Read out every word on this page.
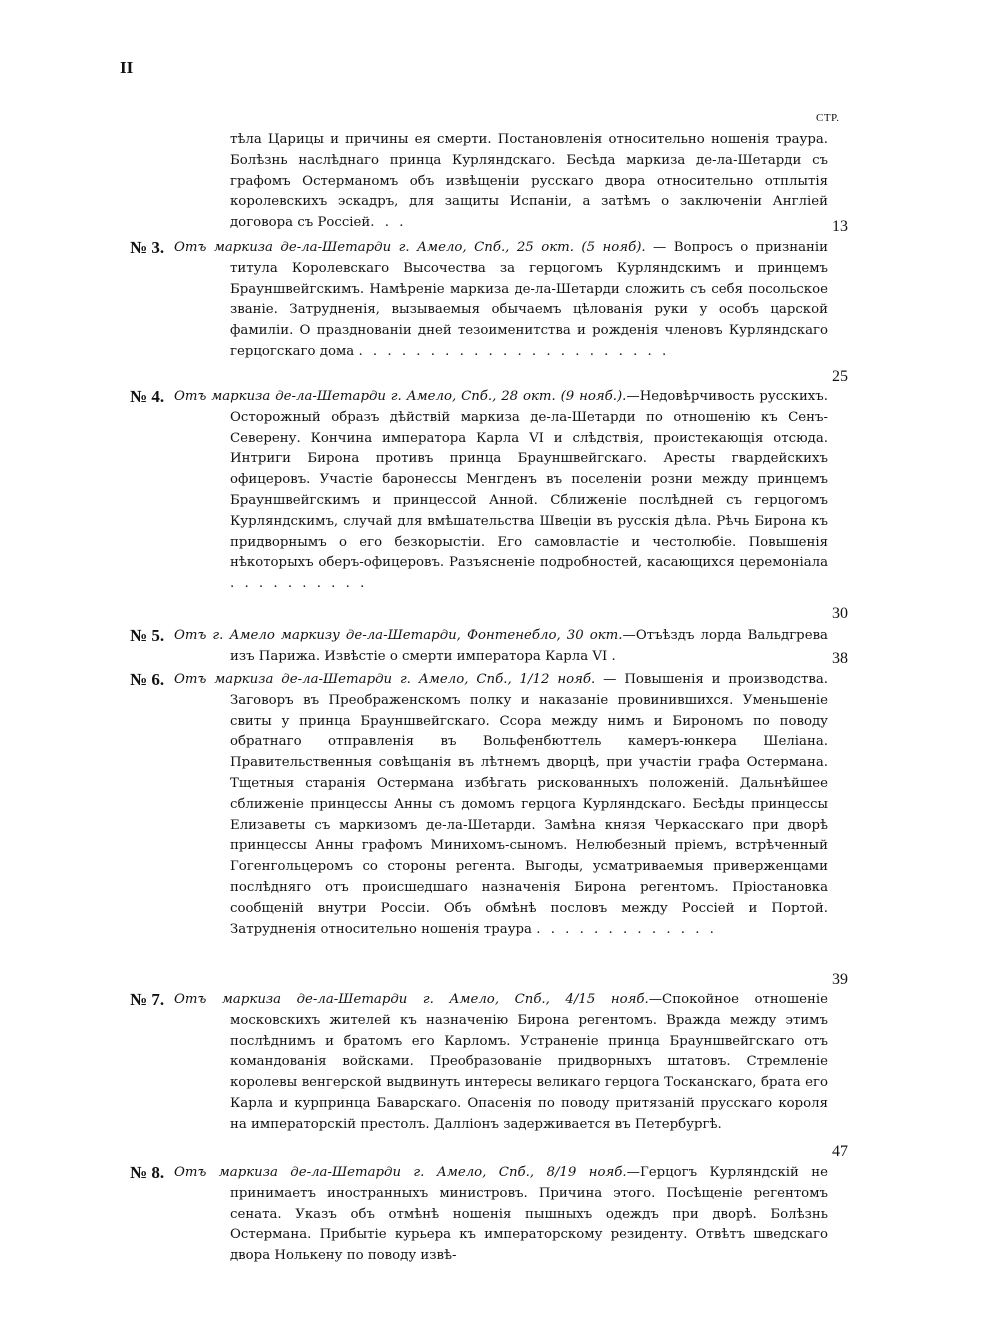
II
СТР.
тѣла Царицы и причины ея смерти. Постановленія относительно ношенія траура. Болѣзнь наслѣднаго принца Курляндскаго. Бесѣда маркиза де-ла-Шетарди съ графомъ Остерманомъ объ извѣщеніи русскаго двора относительно отплытія королевскихъ эскадръ, для защиты Испаніи, а затѣмъ о заключеніи Англіей договора съ Россіей. . .	13
№ 3. Отъ маркиза де-ла-Шетарди г. Амело, Спб., 25 окт. (5 нояб). — Вопросъ о признаніи титула Королевскаго Высочества за герцогомъ Курляндскимъ и принцемъ Брауншвейгскимъ. Намѣреніе маркиза де-ла-Шетарди сложить съ себя посольское званіе. Затрудненія, вызываемыя обычаемъ цѣлованія руки у особъ царской фамиліи. О празднованіи дней тезоименитства и рожденія членовъ Курляндскаго герцогскаго дома . . . . . . . . . . . . . . . . . . . . . .
25
№ 4. Отъ маркиза де-ла-Шетарди г. Амело, Спб., 28 окт. (9 нояб.).—Недовѣрчивость русскихъ. Осторожный образъ дѣйствій маркиза де-ла-Шетарди по отношенію къ Сенъ-Северену. Кончина императора Карла VI и слѣдствія, проистекающія отсюда. Интриги Бирона противъ принца Брауншвейгскаго. Аресты гвардейскихъ офицеровъ. Участіе баронессы Менгденъ въ поселеніи розни между принцемъ Брауншвейгскимъ и принцессой Анной. Сближеніе послѣдней съ герцогомъ Курляндскимъ, случай для вмѣшательства Швеціи въ русскія дѣла. Рѣчь Бирона къ придворнымъ о его безкорыстіи. Его самовластіе и честолюбіе. Повышенія нѣкоторыхъ оберъ-офицеровъ. Разъясненіе подробностей, касающихся церемоніала . . . . . . . . . .
30
№ 5. Отъ г. Амело маркизу де-ла-Шетарди, Фонтенебло, 30 окт.—Отъѣздъ лорда Вальдгрева изъ Парижа. Извѣстіе о смерти императора Карла VI .	38
№ 6. Отъ маркиза де-ла-Шетарди г. Амело, Спб., 1/12 нояб. — Повышенія и производства. Заговоръ въ Преображенскомъ полку и наказаніе провинившихся. Уменьшеніе свиты у принца Брауншвейгскаго. Ссора между нимъ и Бирономъ по поводу обратнаго отправленія въ Вольфенбюттель камеръ-юнкера Шеліана. Правительственныя совѣщанія въ лѣтнемъ дворцѣ, при участіи графа Остермана. Тщетныя старанія Остермана избѣгать рискованныхъ положеній. Дальнѣйшее сближеніе принцессы Анны съ домомъ герцога Курляндскаго. Бесѣды принцессы Елизаветы съ маркизомъ де-ла-Шетарди. Замѣна князя Черкасскаго при дворѣ принцессы Анны графомъ Минихомъ-сыномъ. Нелюбезный пріемъ, встрѣченный Гогенгольцеромъ со стороны регента. Выгоды, усматриваемыя приверженцами послѣдняго отъ происшедшаго назначенія Бирона регентомъ. Пріостановка сообщеній внутри Россіи. Объ обмѣнѣ пословъ между Россіей и Портой. Затрудненія относительно ношенія траура . . . . . . . . . . . . .
39
№ 7. Отъ маркиза де-ла-Шетарди г. Амело, Спб., 4/15 нояб.—Спокойное отношеніе московскихъ жителей къ назначенію Бирона регентомъ. Вражда между этимъ послѣднимъ и братомъ его Карломъ. Устраненіе принца Брауншвейгскаго отъ командованія войсками. Преобразованіе придворныхъ штатовъ. Стремленіе королевы венгерской выдвинуть интересы великаго герцога Тосканскаго, брата его Карла и курпринца Баварскаго. Опасенія по поводу притязаній прусскаго короля на императорскій престолъ. Далліонъ задерживается въ Петербургѣ.
47
№ 8. Отъ маркиза де-ла-Шетарди г. Амело, Спб., 8/19 нояб.—Герцогъ Курляндскій не принимаетъ иностранныхъ министровъ. Причина этого. Посѣщеніе регентомъ сената. Указъ объ отмѣнѣ ношенія пышныхъ одеждъ при дворѣ. Болѣзнь Остермана. Прибытіе курьера къ императорскому резиденту. Отвѣтъ шведскаго двора Нолькену по поводу извѣ-
